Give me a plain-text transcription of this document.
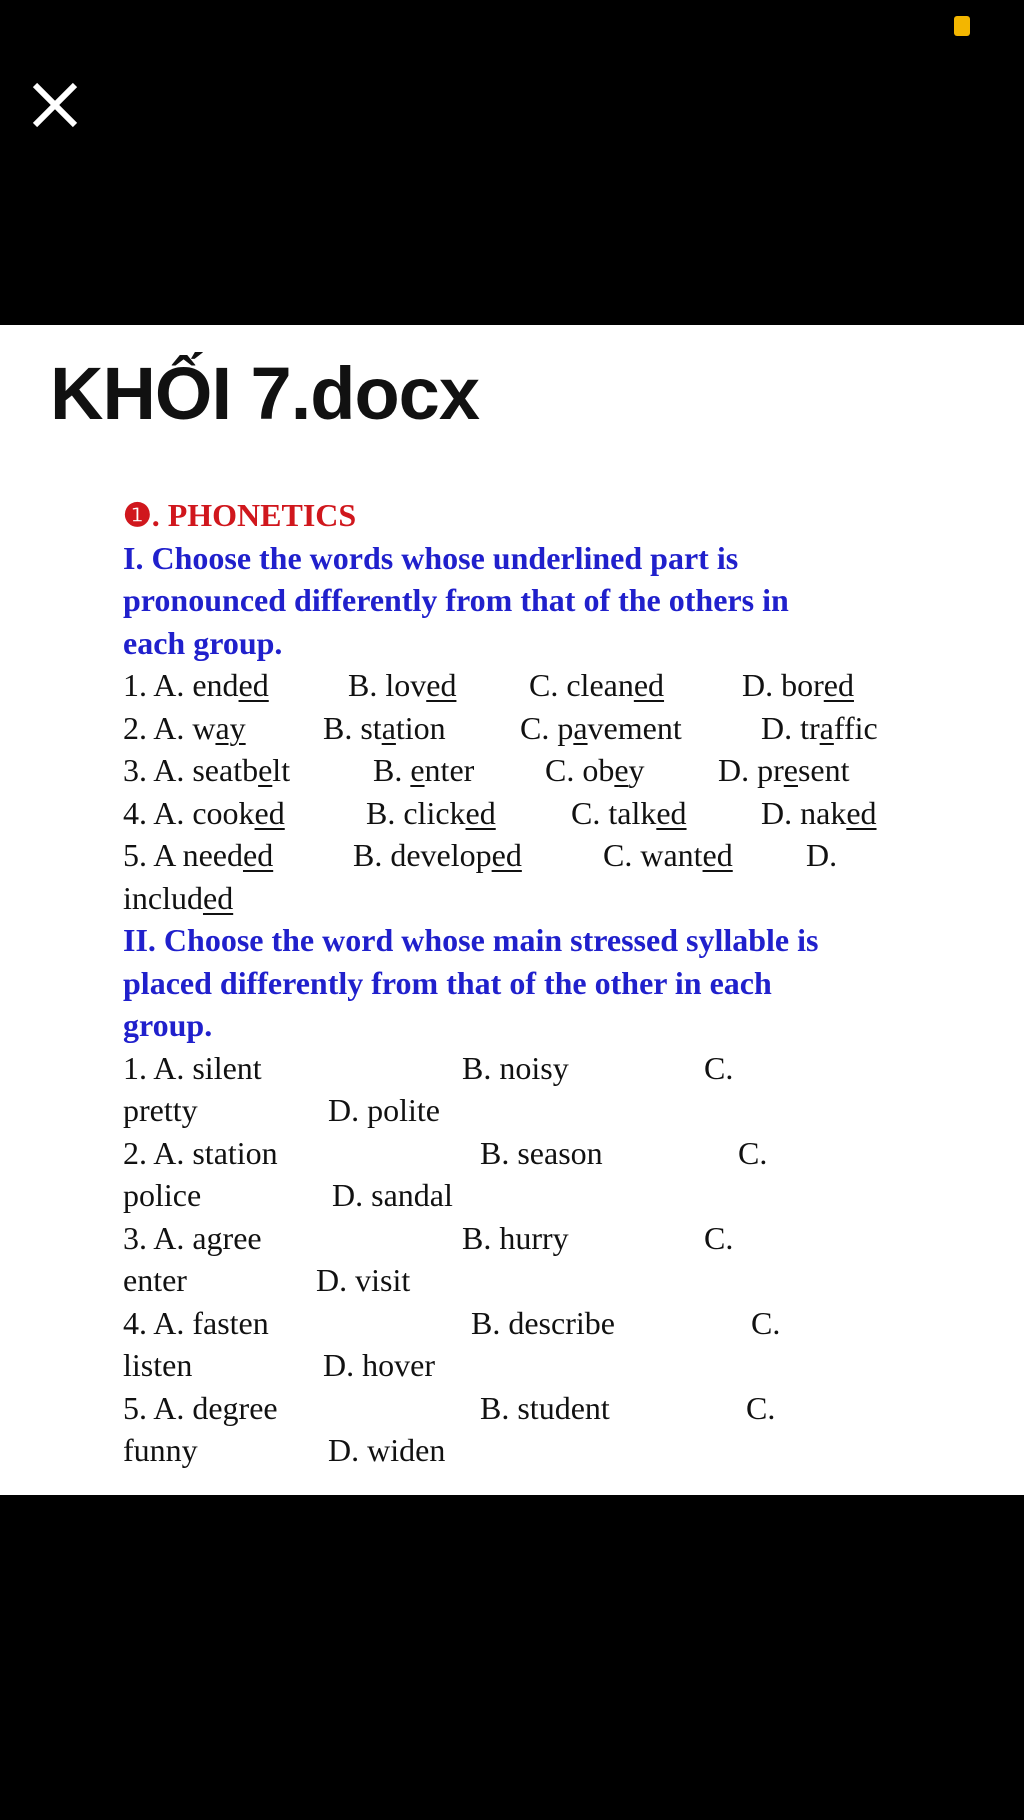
KHỐI 7.docx
❶. PHONETICS
I. Choose the words whose underlined part is
pronounced differently from that of the others in
each group.
1. A. ended B. loved C. cleaned D. bored
2. A. way B. station C. pavement D. traffic
3. A. seatbelt	B. enter C. obey D. present
4. A. cooked	B. clicked C. talked D. naked
5. A needed B. developed	C. wanted D.
included
II. Choose the word whose main stressed syllable is
placed differently from that of the other in each
group.
1. A. silent	B. noisy	C.
pretty	D. polite
2. A. station	B. season	C.
police	D. sandal
3. A. agree	B. hurry	C.
enter	D. visit
4. A. fasten	B. describe	C.
listen	D. hover
5. A. degree	B. student	C.
funny	D. widen
